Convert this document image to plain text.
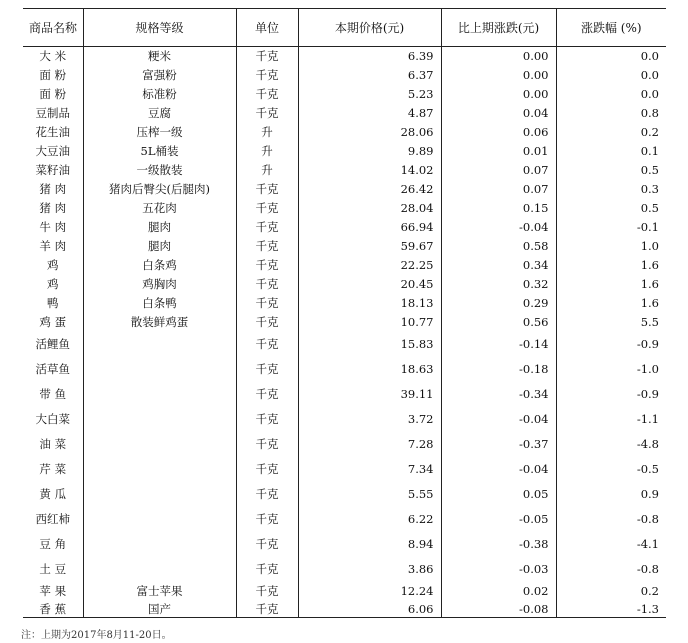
商品名称	规格等级	单位	本期价格(元)	比上期涨跌(元)	涨跌幅 (%)
大 米	粳米	千克	6.39	0.00	0.0
面 粉	富强粉	千克	6.37	0.00	0.0
面 粉	标准粉	千克	5.23	0.00	0.0
豆制品	豆腐	千克	4.87	0.04	0.8
花生油	压榨一级	升	28.06	0.06	0.2
大豆油	5L桶装	升	9.89	0.01	0.1
菜籽油	一级散装	升	14.02	0.07	0.5
猪 肉	猪肉后臀尖(后腿肉)	千克	26.42	0.07	0.3
猪 肉	五花肉	千克	28.04	0.15	0.5
牛 肉	腿肉	千克	66.94	-0.04	-0.1
羊 肉	腿肉	千克	59.67	0.58	1.0
鸡	白条鸡	千克	22.25	0.34	1.6
鸡	鸡胸肉	千克	20.45	0.32	1.6
鸭	白条鸭	千克	18.13	0.29	1.6
鸡 蛋	散装鲜鸡蛋	千克	10.77	0.56	5.5
活鲤鱼		千克	15.83	-0.14	-0.9
活草鱼		千克	18.63	-0.18	-1.0
带 鱼		千克	39.11	-0.34	-0.9
大白菜		千克	3.72	-0.04	-1.1
油 菜		千克	7.28	-0.37	-4.8
芹 菜		千克	7.34	-0.04	-0.5
黄 瓜		千克	5.55	0.05	0.9
西红柿		千克	6.22	-0.05	-0.8
豆 角		千克	8.94	-0.38	-4.1
土 豆		千克	3.86	-0.03	-0.8
苹 果	富士苹果	千克	12.24	0.02	0.2
香 蕉	国产	千克	6.06	-0.08	-1.3
注：上期为2017年8月11-20日。
